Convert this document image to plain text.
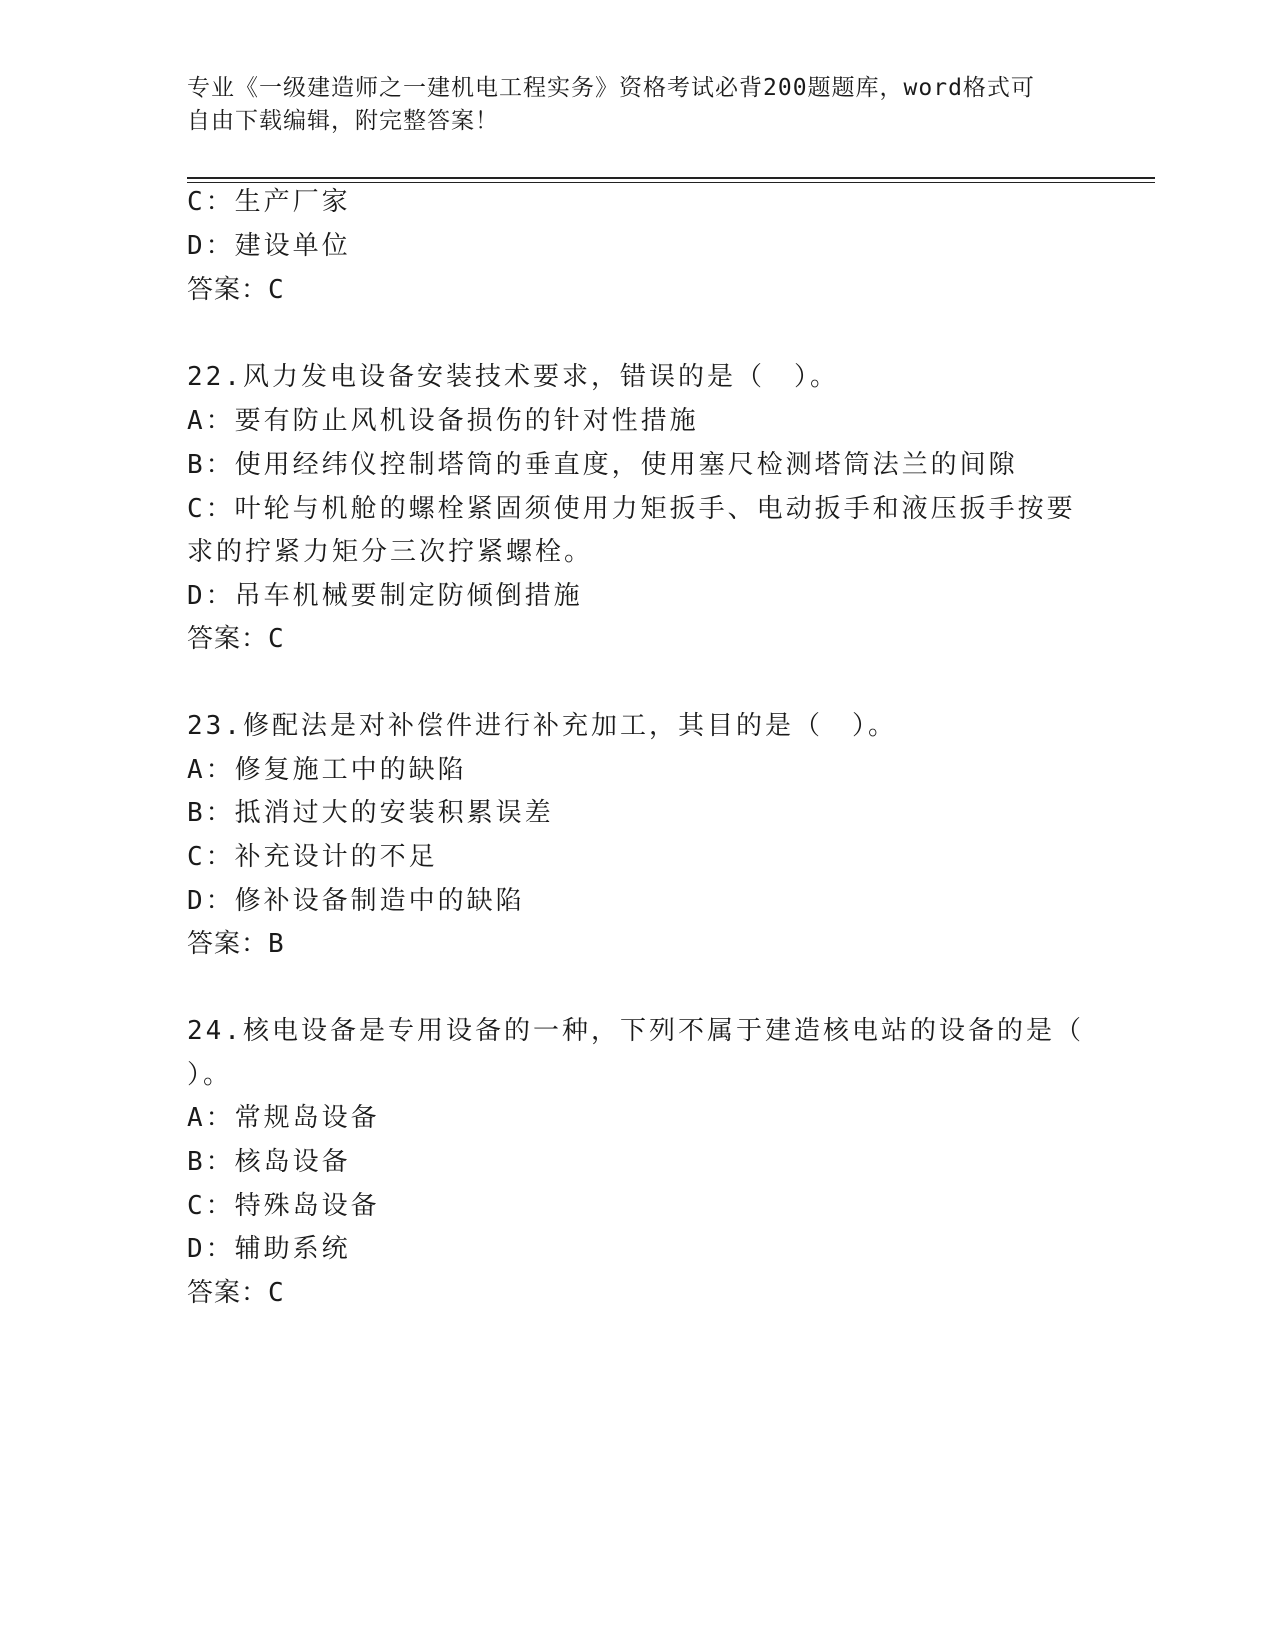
专业《一级建造师之一建机电工程实务》资格考试必背200题题库，word格式可
自由下载编辑，附完整答案！
C：生产厂家
D：建设单位
答案：C
22.风力发电设备安装技术要求，错误的是（　）。
A：要有防止风机设备损伤的针对性措施
B：使用经纬仪控制塔筒的垂直度，使用塞尺检测塔筒法兰的间隙
C：叶轮与机舱的螺栓紧固须使用力矩扳手、电动扳手和液压扳手按要
求的拧紧力矩分三次拧紧螺栓。
D：吊车机械要制定防倾倒措施
答案：C
23.修配法是对补偿件进行补充加工，其目的是（　）。
A：修复施工中的缺陷
B：抵消过大的安装积累误差
C：补充设计的不足
D：修补设备制造中的缺陷
答案：B
24.核电设备是专用设备的一种，下列不属于建造核电站的设备的是（
）。
A：常规岛设备
B：核岛设备
C：特殊岛设备
D：辅助系统
答案：C
